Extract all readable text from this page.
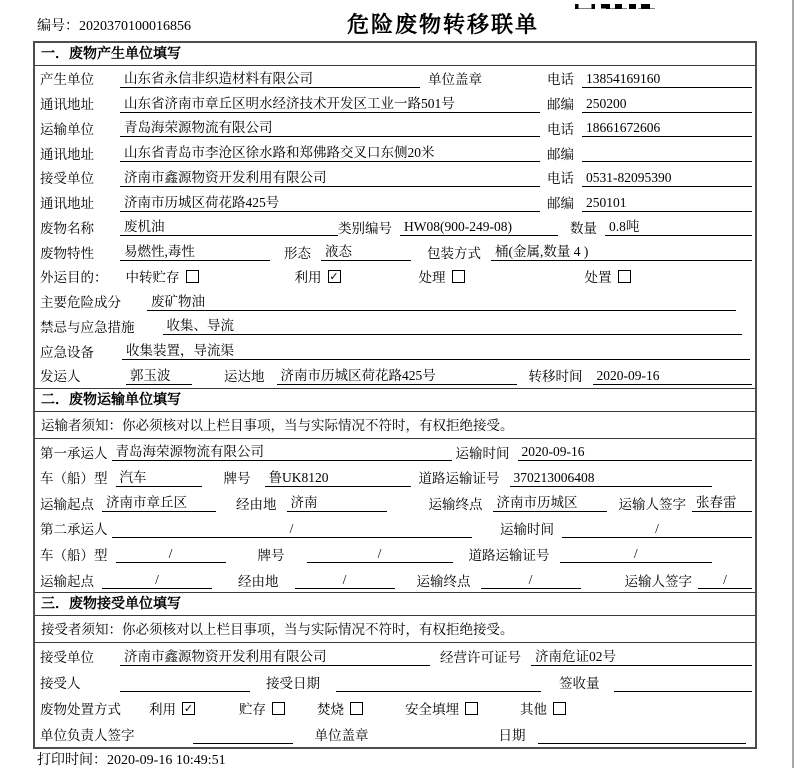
编号：2020370100016856	危险废物转移联单
一．废物产生单位填写
产生单位	山东省永信非织造材料有限公司	单位盖章	电话 13854169160
通讯地址	山东省济南市章丘区明水经济技术开发区工业一路501号	邮编 250200
运输单位	青岛海荣源物流有限公司	电话 18661672606
通讯地址	山东省青岛市李沧区徐水路和郑佛路交叉口东侧20米	邮编
接受单位	济南市鑫源物资开发利用有限公司	电话 0531-82095390
通讯地址	济南市历城区荷花路425号	邮编 250101
废物名称	废机油	类别编号 HW08(900-249-08)	数量 0.8吨
废物特性	易燃性,毒性	形态 液态	包装方式 桶(金属,数量 4 )
外运目的： 中转贮存	利用 ✓	处理	处置
主要危险成分 废矿物油
禁忌与应急措施 收集、导流
应急设备 收集装置，导流渠
发运人	郭玉波	运达地 济南市历城区荷花路425号	转移时间 2020-09-16
二．废物运输单位填写
运输者须知：你必须核对以上栏目事项，当与实际情况不符时，有权拒绝接受。
第一承运人 青岛海荣源物流有限公司	运输时间 2020-09-16
车（船）型 汽车	牌号 鲁UK8120	道路运输证号 370213006408
运输起点 济南市章丘区	经由地 济南	运输终点 济南市历城区	运输人签字 张春雷
第二承运人	/	运输时间	/
车（船）型	/	牌号	/	道路运输证号	/
运输起点	/	经由地	/	运输终点	/	运输人签字	/
三．废物接受单位填写
接受者须知：你必须核对以上栏目事项，当与实际情况不符时，有权拒绝接受。
接受单位	济南市鑫源物资开发利用有限公司	经营许可证号 济南危证02号
接受人	接受日期	签收量
废物处置方式 利用 ✓	贮存	焚烧	安全填埋	其他
单位负责人签字	单位盖章	日期
打印时间：2020-09-16 10:49:51
